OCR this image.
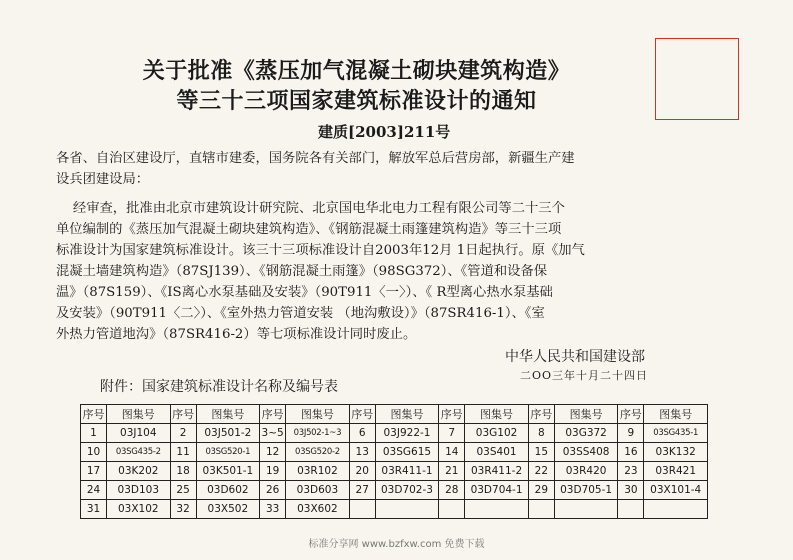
关于批准《蒸压加气混凝土砌块建筑构造》
等三十三项国家建筑标准设计的通知
建质[2003]211号
各省、自治区建设厅，直辖市建委，国务院各有关部门，解放军总后营房部，新疆生产建
设兵团建设局：
经审查，批准由北京市建筑设计研究院、北京国电华北电力工程有限公司等二十三个
单位编制的《蒸压加气混凝土砌块建筑构造》、《钢筋混凝土雨篷建筑构造》等三十三项
标准设计为国家建筑标准设计。该三十三项标准设计自2003年12月 1日起执行。原《加气
混凝土墙建筑构造》（87SJ139）、《钢筋混凝土雨篷》（98SG372）、《管道和设备保
温》（87S159）、《IS离心水泵基础及安装》（90T911〈一〉）、《 R型离心热水泵基础
及安装》（90T911〈二〉）、《室外热力管道安装 （地沟敷设）》（87SR416-1）、《室
外热力管道地沟》（87SR416-2）等七项标准设计同时废止。
中华人民共和国建设部
二OO三年十月二十四日
附件：国家建筑标准设计名称及编号表
序号	图集号	序号	图集号	序号	图集号	序号	图集号	序号	图集号	序号	图集号	序号	图集号
1	03J104	2	03J501-2	3~5	03J502-1~3	6	03J922-1	7	03G102	8	03G372	9	03SG435-1
10	03SG435-2	11	03SG520-1	12	03SG520-2	13	03SG615	14	03S401	15	03SS408	16	03K132
17	03K202	18	03K501-1	19	03R102	20	03R411-1	21	03R411-2	22	03R420	23	03R421
24	03D103	25	03D602	26	03D603	27	03D702-3	28	03D704-1	29	03D705-1	30	03X101-4
31	03X102	32	03X502	33	03X602								
标准分享网 www.bzfxw.com 免费下载
